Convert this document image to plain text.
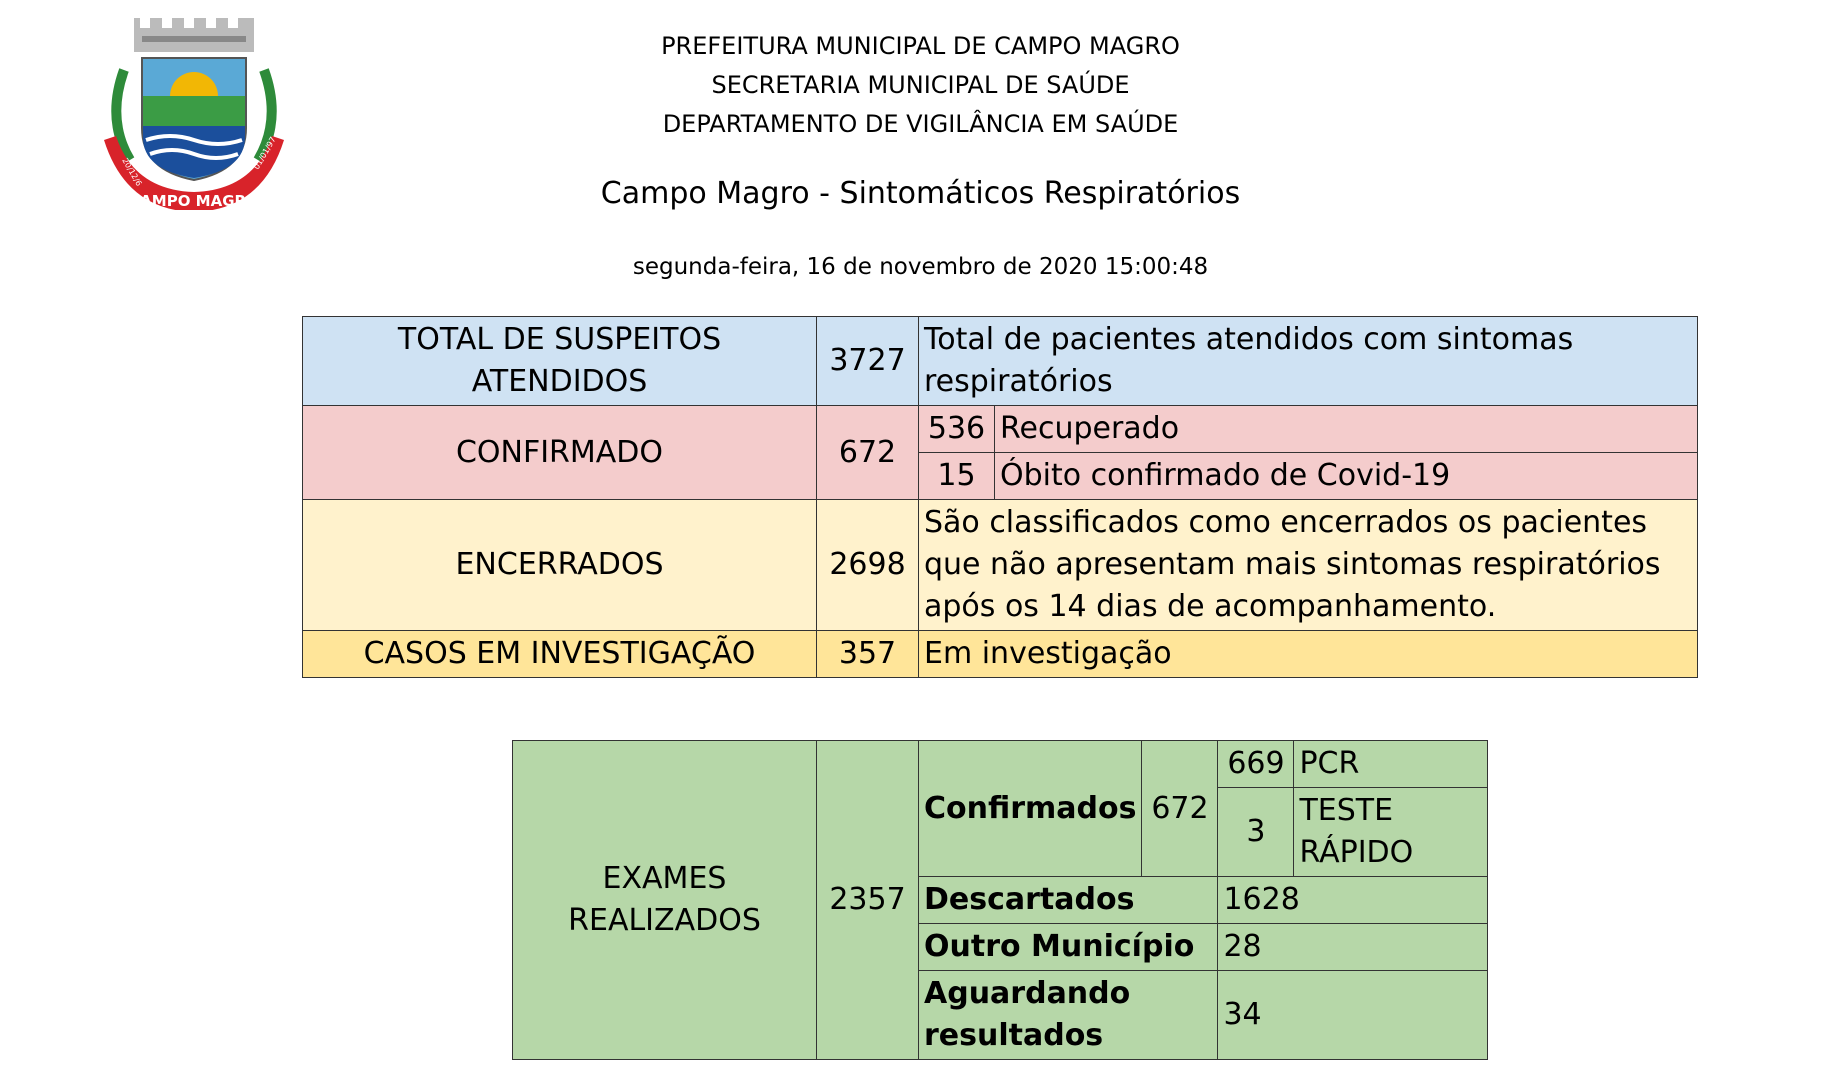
CAMPO MAGRO
20/12/6
01/01/97
PREFEITURA MUNICIPAL DE CAMPO MAGRO
SECRETARIA MUNICIPAL DE SAÚDE
DEPARTAMENTO DE VIGILÂNCIA EM SAÚDE
Campo Magro - Sintomáticos Respiratórios
segunda-feira, 16 de novembro de 2020 15:00:48
TOTAL DE SUSPEITOS ATENDIDOS	3727	Total de pacientes atendidos com sintomas respiratórios	
CONFIRMADO	672	536	Recuperado
		15	Óbito confirmado de Covid-19
ENCERRADOS	2698	São classificados como encerrados os pacientes que não apresentam mais sintomas respiratórios após os 14 dias de acompanhamento.	
CASOS EM INVESTIGAÇÃO	357	Em investigação	
EXAMES REALIZADOS	2357	Confirmados	672	669	PCR
				3	TESTE RÁPIDO
		Descartados		1628	
		Outro Município		28	
		Aguardando resultados		34	
